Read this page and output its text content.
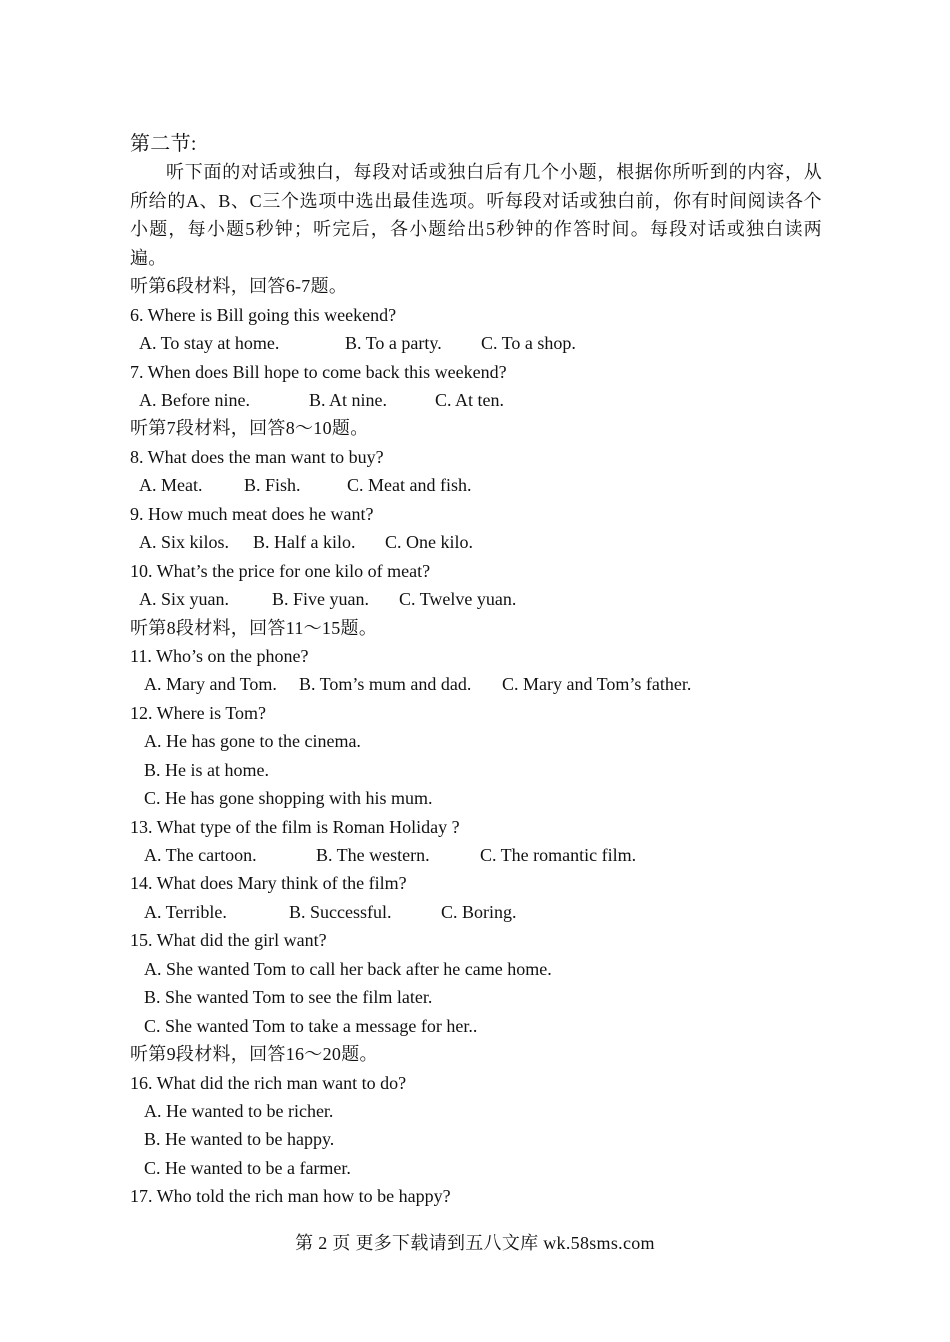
第二节:
听下面的对话或独白，每段对话或独白后有几个小题，根据你所听到的内容，从所给的A、B、C三个选项中选出最佳选项。听每段对话或独白前，你有时间阅读各个小题，每小题5秒钟；听完后，各小题给出5秒钟的作答时间。每段对话或独白读两遍。
听第6段材料，回答6-7题。
6. Where is Bill going this weekend?
A. To stay at home.	B. To a party. C. To a shop.
7. When does Bill hope to come back this weekend?
A. Before nine.	B. At nine.	C. At ten.
听第7段材料，回答8～10题。
8. What does the man want to buy?
A. Meat. B. Fish.	C. Meat and fish.
9. How much meat does he want?
A. Six kilos. B. Half a kilo. C. One kilo.
10. What’s the price for one kilo of meat?
A. Six yuan. B. Five yuan. C. Twelve yuan.
听第8段材料，回答11～15题。
11. Who’s on the phone?
A. Mary and Tom. B. Tom’s mum and dad. C. Mary and Tom’s father.
12. Where is Tom?
A. He has gone to the cinema.
B. He is at home.
C. He has gone shopping with his mum.
13. What type of the film is Roman Holiday ?
A. The cartoon.	B. The western.	C. The romantic film.
14. What does Mary think of the film?
A. Terrible.	B. Successful.	C. Boring.
15. What did the girl want?
A. She wanted Tom to call her back after he came home.
B. She wanted Tom to see the film later.
C. She wanted Tom to take a message for her..
听第9段材料，回答16～20题。
16. What did the rich man want to do?
A. He wanted to be richer.
B. He wanted to be happy.
C. He wanted to be a farmer.
17. Who told the rich man how to be happy?
第 2 页 更多下载请到五八文库 wk.58sms.com
